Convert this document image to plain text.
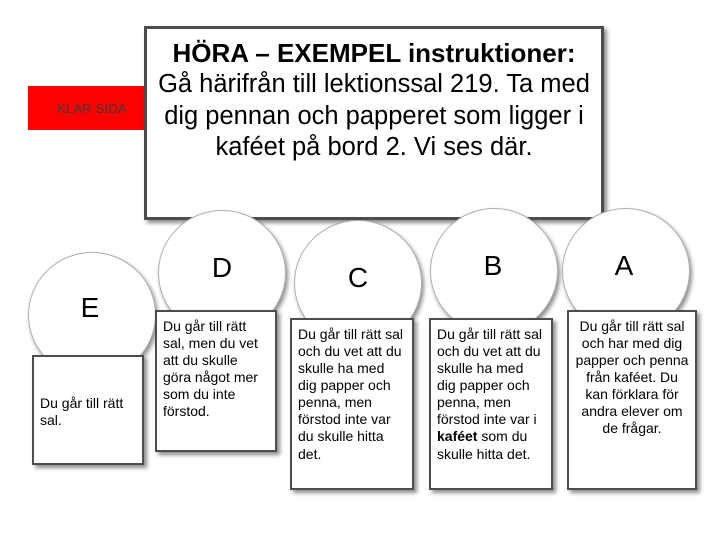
KLAR SIDA
HÖRA – EXEMPEL instruktioner:
Gå härifrån till lektionssal 219. Ta med dig pennan och papperet som ligger i kaféet på bord 2. Vi ses där.
Du går till rätt sal.
Du går till rätt sal, men du vet att du skulle göra något mer som du inte förstod.
Du går till rätt sal och du vet att du skulle ha med dig papper och penna, men förstod inte var du skulle hitta det.
Du går till rätt sal och du vet att du skulle ha med dig papper och penna, men förstod inte var i kaféet som du skulle hitta det.
Du går till rätt sal och har med dig papper och penna från kaféet. Du kan förklara för andra elever om de frågar.
E
D	C	B	A
